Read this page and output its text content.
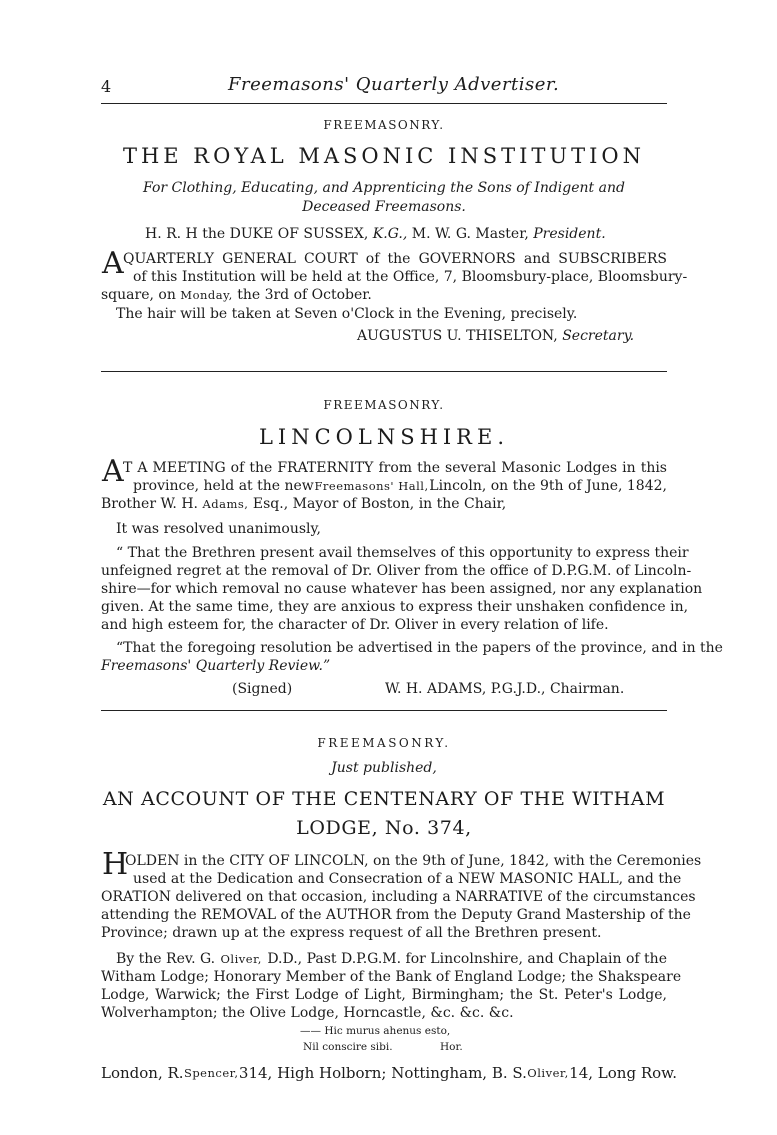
4	Freemasons' Quarterly Advertiser.
FREEMASONRY.
THE ROYAL MASONIC INSTITUTION
For Clothing, Educating, and Apprenticing the Sons of Indigent and
Deceased Freemasons.
H. R. H the DUKE OF SUSSEX, K.G., M. W. G. Master, President.
A QUARTERLY GENERAL COURT of the GOVERNORS and SUBSCRIBERS
of this Institution will be held at the Office, 7, Bloomsbury-place, Bloomsbury-
square, on Monday, the 3rd of October.
The hair will be taken at Seven o'Clock in the Evening, precisely.
AUGUSTUS U. THISELTON, Secretary.
FREEMASONRY.
LINCOLNSHIRE.
A T A MEETING of the FRATERNITY from the several Masonic Lodges in this
province, held at the new Freemasons' Hall, Lincoln, on the 9th of June, 1842,
Brother W. H. Adams, Esq., Mayor of Boston, in the Chair,
It was resolved unanimously,
“ That the Brethren present avail themselves of this opportunity to express their
unfeigned regret at the removal of Dr. Oliver from the office of D.P.G.M. of Lincoln-
shire—for which removal no cause whatever has been assigned, nor any explanation
given. At the same time, they are anxious to express their unshaken confidence in,
and high esteem for, the character of Dr. Oliver in every relation of life.
“That the foregoing resolution be advertised in the papers of the province, and in the
Freemasons' Quarterly Review.”
(Signed)	W. H. ADAMS, P.G.J.D., Chairman.
FREEMASONRY.
Just published,
AN ACCOUNT OF THE CENTENARY OF THE WITHAM
LODGE, No. 374,
H
OLDEN in the CITY OF LINCOLN, on the 9th of June, 1842, with the Ceremonies
used at the Dedication and Consecration of a NEW MASONIC HALL, and the
ORATION delivered on that occasion, including a NARRATIVE of the circumstances
attending the REMOVAL of the AUTHOR from the Deputy Grand Mastership of the
Province; drawn up at the express request of all the Brethren present.
By the Rev. G. Oliver, D.D., Past D.P.G.M. for Lincolnshire, and Chaplain of the
Witham Lodge; Honorary Member of the Bank of England Lodge; the Shakspeare
Lodge, Warwick; the First Lodge of Light, Birmingham; the St. Peter's Lodge,
Wolverhampton; the Olive Lodge, Horncastle, &c. &c. &c.
—— Hic murus ahenus esto,
Nil conscire sibi.	Hor.
London, R. Spencer, 314, High Holborn; Nottingham, B. S. Oliver, 14, Long Row.
